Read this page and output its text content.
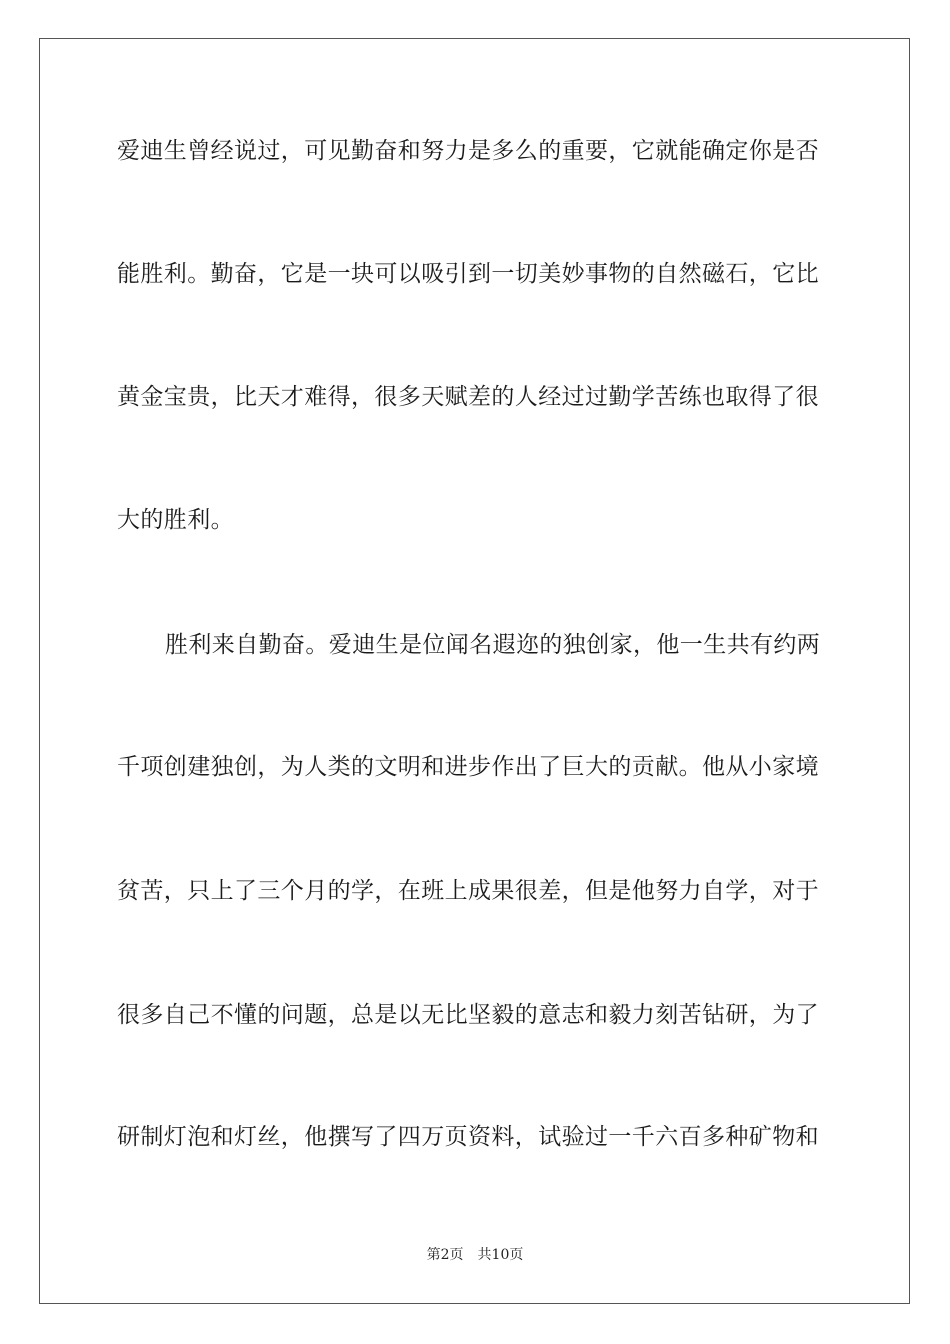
爱迪生曾经说过，可见勤奋和努力是多么的重要，它就能确定你是否
能胜利。勤奋，它是一块可以吸引到一切美妙事物的自然磁石，它比
黄金宝贵，比天才难得，很多天赋差的人经过过勤学苦练也取得了很
大的胜利。
胜利来自勤奋。爱迪生是位闻名遐迩的独创家，他一生共有约两
千项创建独创，为人类的文明和进步作出了巨大的贡献。他从小家境
贫苦，只上了三个月的学，在班上成果很差，但是他努力自学，对于
很多自己不懂的问题，总是以无比坚毅的意志和毅力刻苦钻研，为了
研制灯泡和灯丝，他撰写了四万页资料，试验过一千六百多种矿物和
第2页 共10页
